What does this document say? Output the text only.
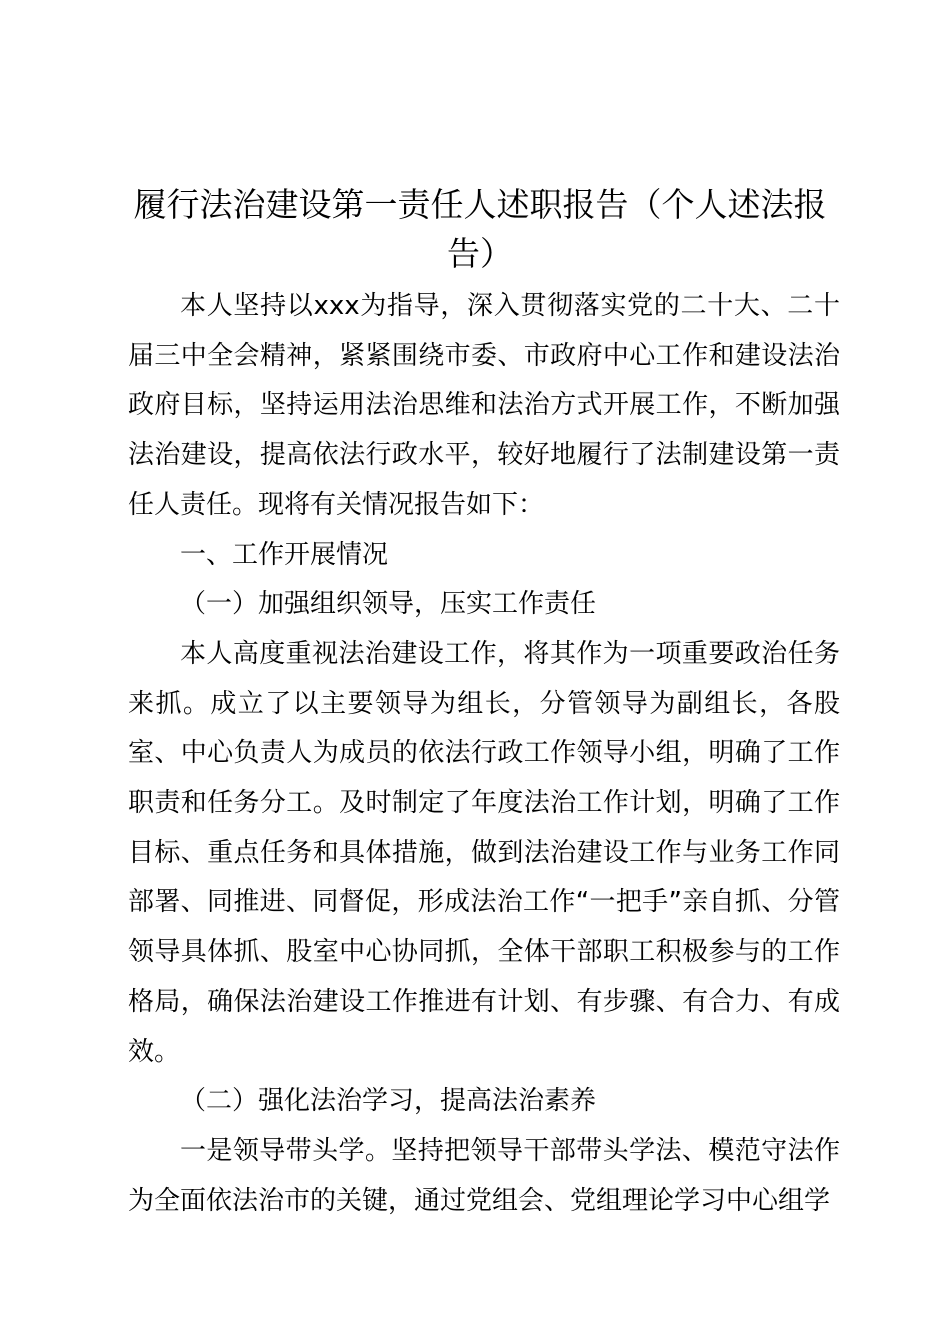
履行法治建设第一责任人述职报告（个人述法报告）

本人坚持以xxx为指导，深入贯彻落实党的二十大、二十届三中全会精神，紧紧围绕市委、市政府中心工作和建设法治政府目标，坚持运用法治思维和法治方式开展工作，不断加强法治建设，提高依法行政水平，较好地履行了法制建设第一责任人责任。现将有关情况报告如下：

一、工作开展情况

（一）加强组织领导，压实工作责任

本人高度重视法治建设工作，将其作为一项重要政治任务来抓。成立了以主要领导为组长，分管领导为副组长，各股室、中心负责人为成员的依法行政工作领导小组，明确了工作职责和任务分工。及时制定了年度法治工作计划，明确了工作目标、重点任务和具体措施，做到法治建设工作与业务工作同部署、同推进、同督促，形成法治工作“一把手”亲自抓、分管领导具体抓、股室中心协同抓，全体干部职工积极参与的工作格局，确保法治建设工作推进有计划、有步骤、有合力、有成效。

（二）强化法治学习，提高法治素养

一是领导带头学。坚持把领导干部带头学法、模范守法作为全面依法治市的关键，通过党组会、党组理论学习中心组学
